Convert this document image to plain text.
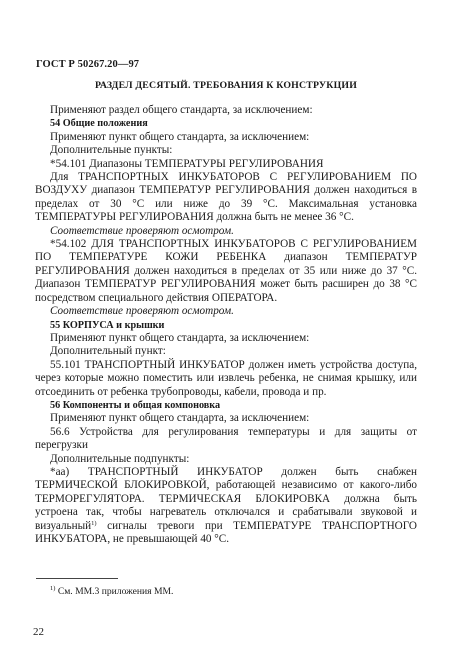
ГОСТ Р 50267.20—97
РАЗДЕЛ ДЕСЯТЫЙ. ТРЕБОВАНИЯ К КОНСТРУКЦИИ

Применяют раздел общего стандарта, за исключением:

54 Общие положения

Применяют пункт общего стандарта, за исключением:

Дополнительные пункты:

*54.101 Диапазоны ТЕМПЕРАТУРЫ РЕГУЛИРОВАНИЯ

Для ТРАНСПОРТНЫХ ИНКУБАТОРОВ С РЕГУЛИРОВАНИЕМ ПО ВОЗДУХУ диапазон ТЕМПЕРАТУР РЕГУЛИРОВАНИЯ должен находиться в пределах от 30 °С или ниже до 39 °С. Максимальная установка ТЕМПЕРАТУРЫ РЕГУЛИРОВАНИЯ должна быть не менее 36 °С.

Соответствие проверяют осмотром.

*54.102 ДЛЯ ТРАНСПОРТНЫХ ИНКУБАТОРОВ С РЕГУЛИРОВАНИЕМ ПО ТЕМПЕРАТУРЕ КОЖИ РЕБЕНКА диапазон ТЕМПЕРАТУР РЕГУЛИРОВАНИЯ должен находиться в пределах от 35 или ниже до 37 °С. Диапазон ТЕМПЕРАТУР РЕГУЛИРОВАНИЯ может быть расширен до 38 °С посредством специального действия ОПЕРАТОРА.

Соответствие проверяют осмотром.

55 КОРПУСА и крышки

Применяют пункт общего стандарта, за исключением:

Дополнительный пункт:

55.101 ТРАНСПОРТНЫЙ ИНКУБАТОР должен иметь устройства доступа, через которые можно поместить или извлечь ребенка, не снимая крышку, или отсоединить от ребенка трубопроводы, кабели, провода и пр.

56 Компоненты и общая компоновка

Применяют пункт общего стандарта, за исключением:

56.6 Устройства для регулирования температуры и для защиты от перегрузки

Дополнительные подпункты:

*аа) ТРАНСПОРТНЫЙ ИНКУБАТОР должен быть снабжен ТЕРМИЧЕСКОЙ БЛОКИРОВКОЙ, работающей независимо от какого-либо ТЕРМОРЕГУЛЯТОРА. ТЕРМИЧЕСКАЯ БЛОКИРОВКА должна быть устроена так, чтобы нагреватель отключался и срабатывали звуковой и визуальный$^{1)}$ сигналы тревоги при ТЕМПЕРАТУРЕ ТРАНСПОРТНОГО ИНКУБАТОРА, не превышающей 40 °С.

$^{1)}$ См. ММ.3 приложения ММ.
22
